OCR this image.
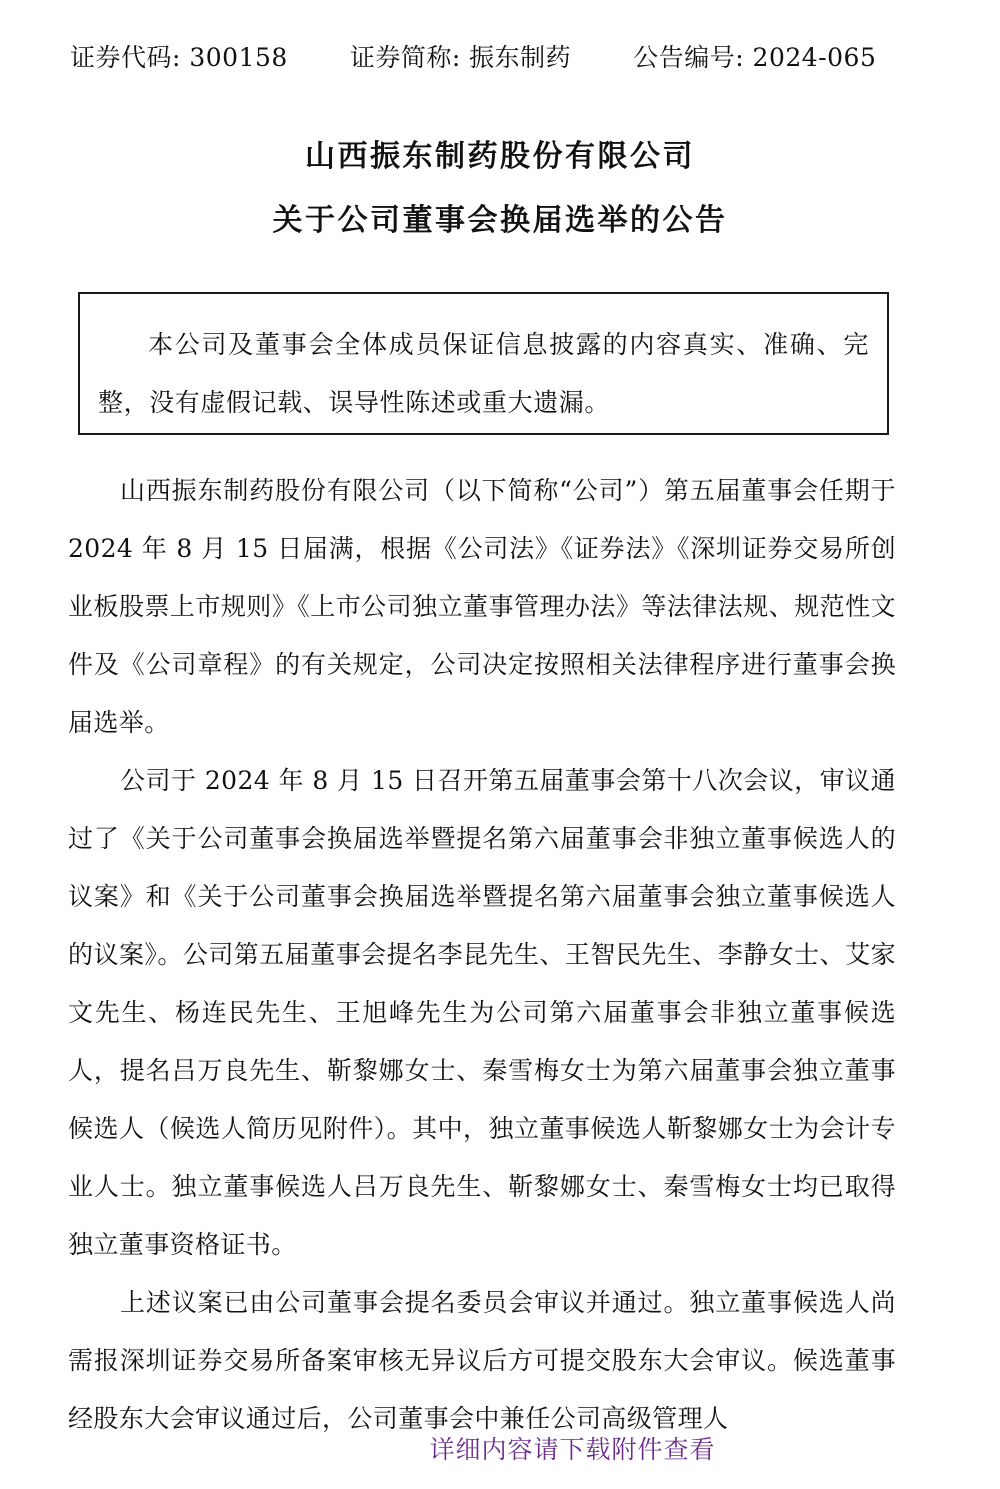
证券代码: 300158 证券简称: 振东制药 公告编号: 2024-065
山西振东制药股份有限公司
关于公司董事会换届选举的公告

本公司及董事会全体成员保证信息披露的内容真实、准确、完整，没有虚假记载、误导性陈述或重大遗漏。

山西振东制药股份有限公司（以下简称“公司”）第五届董事会任期于 2024 年 8 月 15 日届满，根据《公司法》《证券法》《深圳证券交易所创业板股票上市规则》《上市公司独立董事管理办法》等法律法规、规范性文件及《公司章程》的有关规定，公司决定按照相关法律程序进行董事会换届选举。

公司于 2024 年 8 月 15 日召开第五届董事会第十八次会议，审议通过了《关于公司董事会换届选举暨提名第六届董事会非独立董事候选人的议案》和《关于公司董事会换届选举暨提名第六届董事会独立董事候选人的议案》。公司第五届董事会提名李昆先生、王智民先生、李静女士、艾家文先生、杨连民先生、王旭峰先生为公司第六届董事会非独立董事候选人，提名吕万良先生、靳黎娜女士、秦雪梅女士为第六届董事会独立董事候选人（候选人简历见附件）。其中，独立董事候选人靳黎娜女士为会计专业人士。独立董事候选人吕万良先生、靳黎娜女士、秦雪梅女士均已取得独立董事资格证书。

上述议案已由公司董事会提名委员会审议并通过。独立董事候选人尚需报深圳证券交易所备案审核无异议后方可提交股东大会审议。候选董事经股东大会审议通过后，公司董事会中兼任公司高级管理人

详细内容请下载附件查看
